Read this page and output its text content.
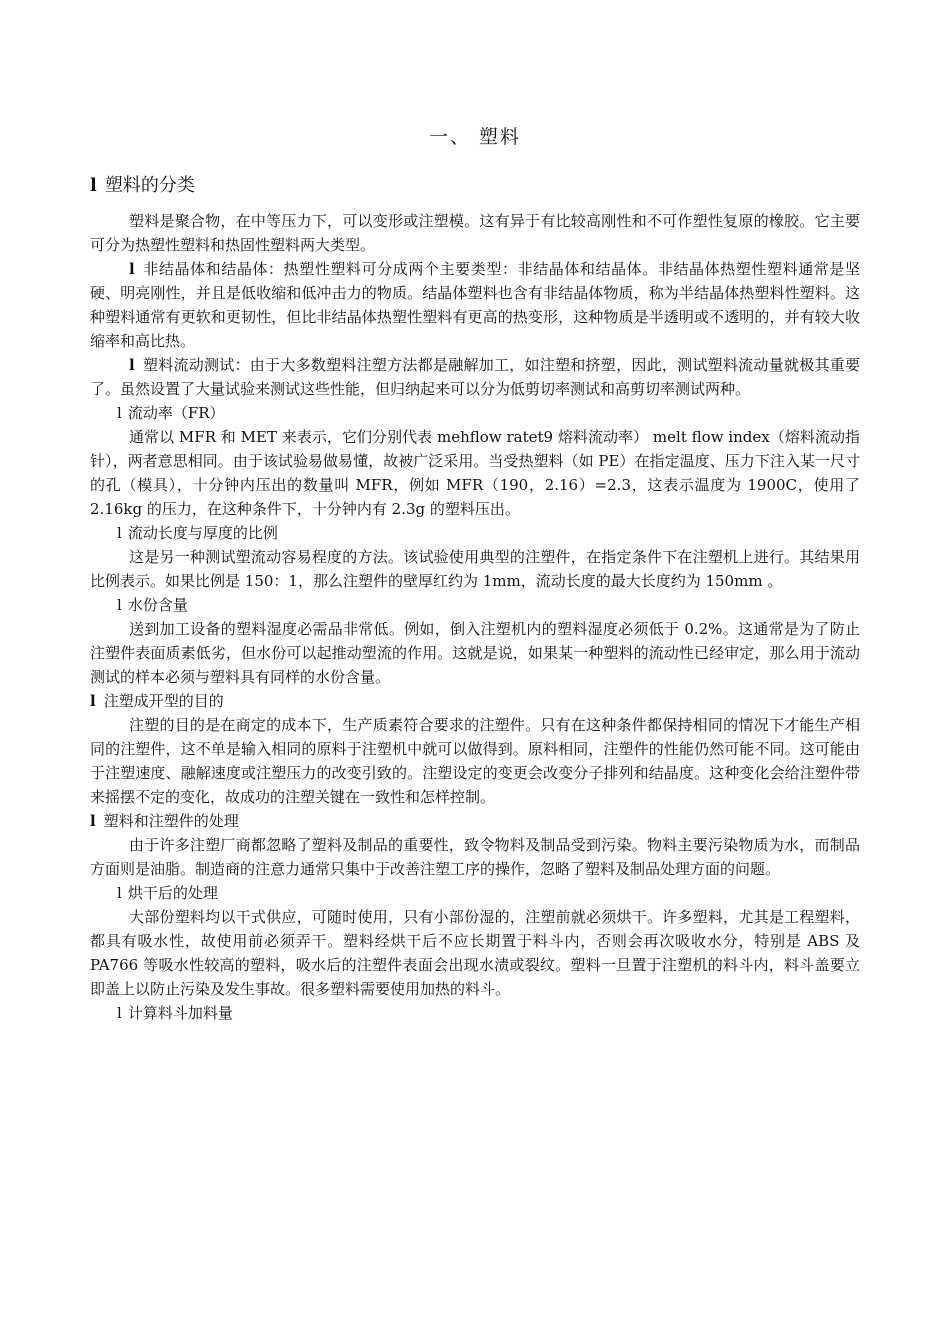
一、 塑料
l 塑料的分类

塑料是聚合物，在中等压力下，可以变形或注塑模。这有异于有比较高刚性和不可作塑性复原的橡胶。它主要可分为热塑性塑料和热固性塑料两大类型。

l 非结晶体和结晶体：热塑性塑料可分成两个主要类型：非结晶体和结晶体。非结晶体热塑性塑料通常是坚硬、明亮刚性，并且是低收缩和低冲击力的物质。结晶体塑料也含有非结晶体物质，称为半结晶体热塑料性塑料。这种塑料通常有更软和更韧性，但比非结晶体热塑性塑料有更高的热变形，这种物质是半透明或不透明的，并有较大收缩率和高比热。

l 塑料流动测试：由于大多数塑料注塑方法都是融解加工，如注塑和挤塑，因此，测试塑料流动量就极其重要了。虽然设置了大量试验来测试这些性能，但归纳起来可以分为低剪切率测试和高剪切率测试两种。

l 流动率（FR）

通常以 MFR 和 MET 来表示，它们分别代表 mehflow ratet9 熔料流动率） melt flow index（熔料流动指针），两者意思相同。由于该试验易做易懂，故被广泛采用。当受热塑料（如 PE）在指定温度、压力下注入某一尺寸的孔（模具），十分钟内压出的数量叫 MFR，例如 MFR（190，2.16）=2.3，这表示温度为 1900C，使用了 2.16kg 的压力，在这种条件下，十分钟内有 2.3g 的塑料压出。

l 流动长度与厚度的比例

这是另一种测试塑流动容易程度的方法。该试验使用典型的注塑件，在指定条件下在注塑机上进行。其结果用比例表示。如果比例是 150：1，那么注塑件的壁厚红约为 1mm，流动长度的最大长度约为 150mm 。

l 水份含量

送到加工设备的塑料湿度必需品非常低。例如，倒入注塑机内的塑料湿度必须低于 0.2%。这通常是为了防止注塑件表面质素低劣，但水份可以起推动塑流的作用。这就是说，如果某一种塑料的流动性已经审定，那么用于流动测试的样本必须与塑料具有同样的水份含量。

l 注塑成开型的目的

注塑的目的是在商定的成本下，生产质素符合要求的注塑件。只有在这种条件都保持相同的情况下才能生产相同的注塑件，这不单是输入相同的原料于注塑机中就可以做得到。原料相同，注塑件的性能仍然可能不同。这可能由于注塑速度、融解速度或注塑压力的改变引致的。注塑设定的变更会改变分子排列和结晶度。这种变化会给注塑件带来摇摆不定的变化，故成功的注塑关键在一致性和怎样控制。

l 塑料和注塑件的处理

由于许多注塑厂商都忽略了塑料及制品的重要性，致令物料及制品受到污染。物料主要污染物质为水，而制品方面则是油脂。制造商的注意力通常只集中于改善注塑工序的操作，忽略了塑料及制品处理方面的问题。

l 烘干后的处理

大部份塑料均以干式供应，可随时使用，只有小部份湿的，注塑前就必须烘干。许多塑料，尤其是工程塑料，都具有吸水性，故使用前必须弄干。塑料经烘干后不应长期置于料斗内，否则会再次吸收水分，特别是 ABS 及 PA766 等吸水性较高的塑料，吸水后的注塑件表面会出现水渍或裂纹。塑料一旦置于注塑机的料斗内，料斗盖要立即盖上以防止污染及发生事故。很多塑料需要使用加热的料斗。

l 计算料斗加料量
